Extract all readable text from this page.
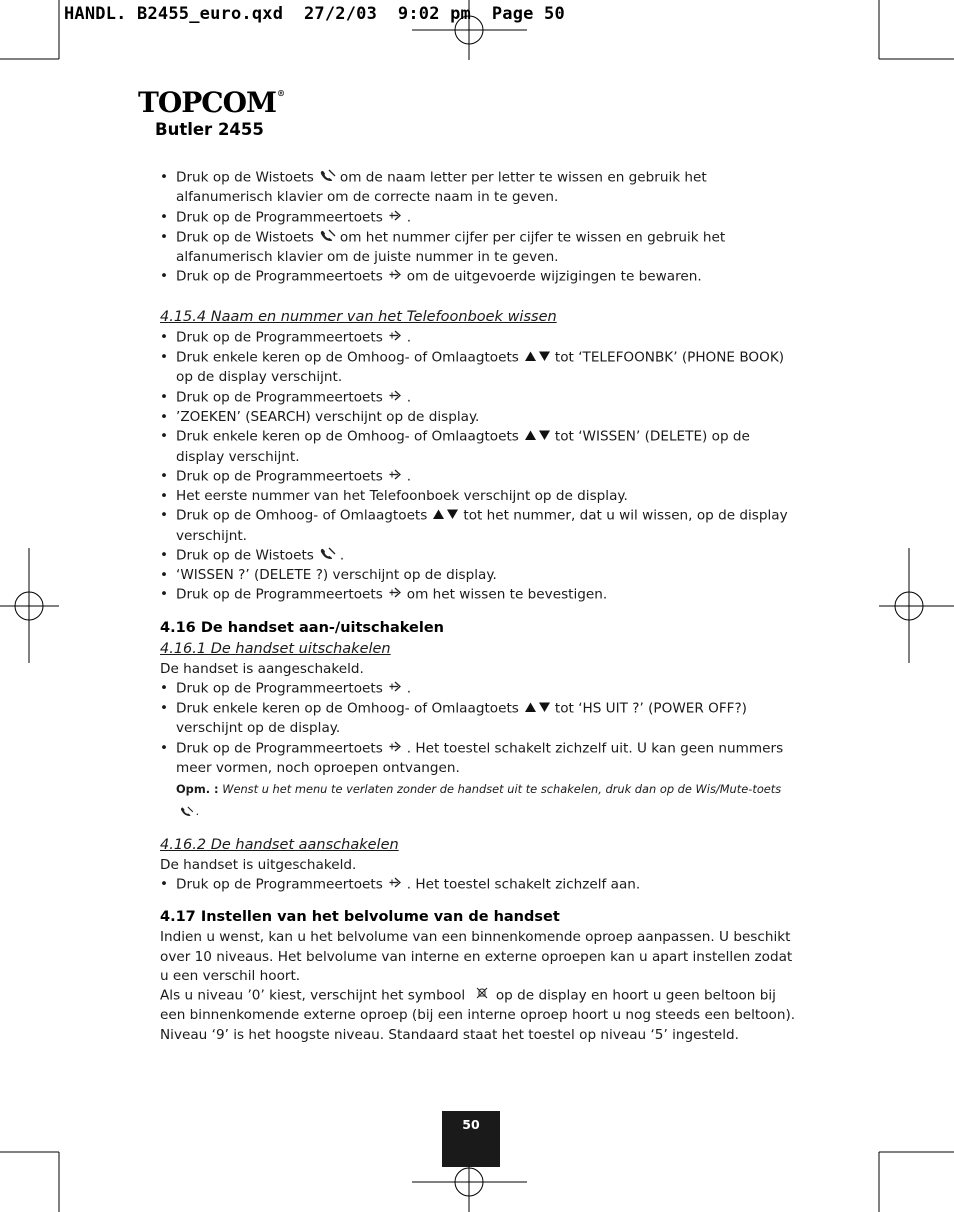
HANDL. B2455_euro.qxd  27/2/03  9:02 pm  Page 50
TOPCOM®
Butler 2455
• Druk op de Wistoets om de naam letter per letter te wissen en gebruik het alfanumerisch klavier om de correcte naam in te geven.
• Druk op de Programmeertoets .
• Druk op de Wistoets om het nummer cijfer per cijfer te wissen en gebruik het alfanumerisch klavier om de juiste nummer in te geven.
• Druk op de Programmeertoets om de uitgevoerde wijzigingen te bewaren.

4.15.4 Naam en nummer van het Telefoonboek wissen

• Druk op de Programmeertoets .
• Druk enkele keren op de Omhoog- of Omlaagtoets	tot ‘TELEFOONBK’ (PHONE BOOK) op de display verschijnt.
• Druk op de Programmeertoets .
• ’ZOEKEN’ (SEARCH) verschijnt op de display.
• Druk enkele keren op de Omhoog- of Omlaagtoets	tot ‘WISSEN’ (DELETE) op de display verschijnt.
• Druk op de Programmeertoets .
• Het eerste nummer van het Telefoonboek verschijnt op de display.
• Druk op de Omhoog- of Omlaagtoets	tot het nummer, dat u wil wissen, op de display verschijnt.
• Druk op de Wistoets .
• ‘WISSEN ?’ (DELETE ?) verschijnt op de display.
• Druk op de Programmeertoets om het wissen te bevestigen.

4.16 De handset aan-/uitschakelen

4.16.1 De handset uitschakelen

De handset is aangeschakeld.

• Druk op de Programmeertoets .
• Druk enkele keren op de Omhoog- of Omlaagtoets	tot ‘HS UIT ?’ (POWER OFF?) verschijnt op de display.
• Druk op de Programmeertoets . Het toestel schakelt zichzelf uit. U kan geen nummers meer vormen, noch oproepen ontvangen.
Opm. : Wenst u het menu te verlaten zonder de handset uit te schakelen, druk dan op de Wis/Mute-toets .

4.16.2 De handset aanschakelen

De handset is uitgeschakeld.

• Druk op de Programmeertoets . Het toestel schakelt zichzelf aan.

4.17 Instellen van het belvolume van de handset

Indien u wenst, kan u het belvolume van een binnenkomende oproep aanpassen. U beschikt over 10 niveaus. Het belvolume van interne en externe oproepen kan u apart instellen zodat u een verschil hoort.

Als u niveau ’0’ kiest, verschijnt het symbool op de display en hoort u geen beltoon bij een binnenkomende externe oproep (bij een interne oproep hoort u nog steeds een beltoon).

Niveau ‘9’ is het hoogste niveau. Standaard staat het toestel op niveau ‘5’ ingesteld.

50
